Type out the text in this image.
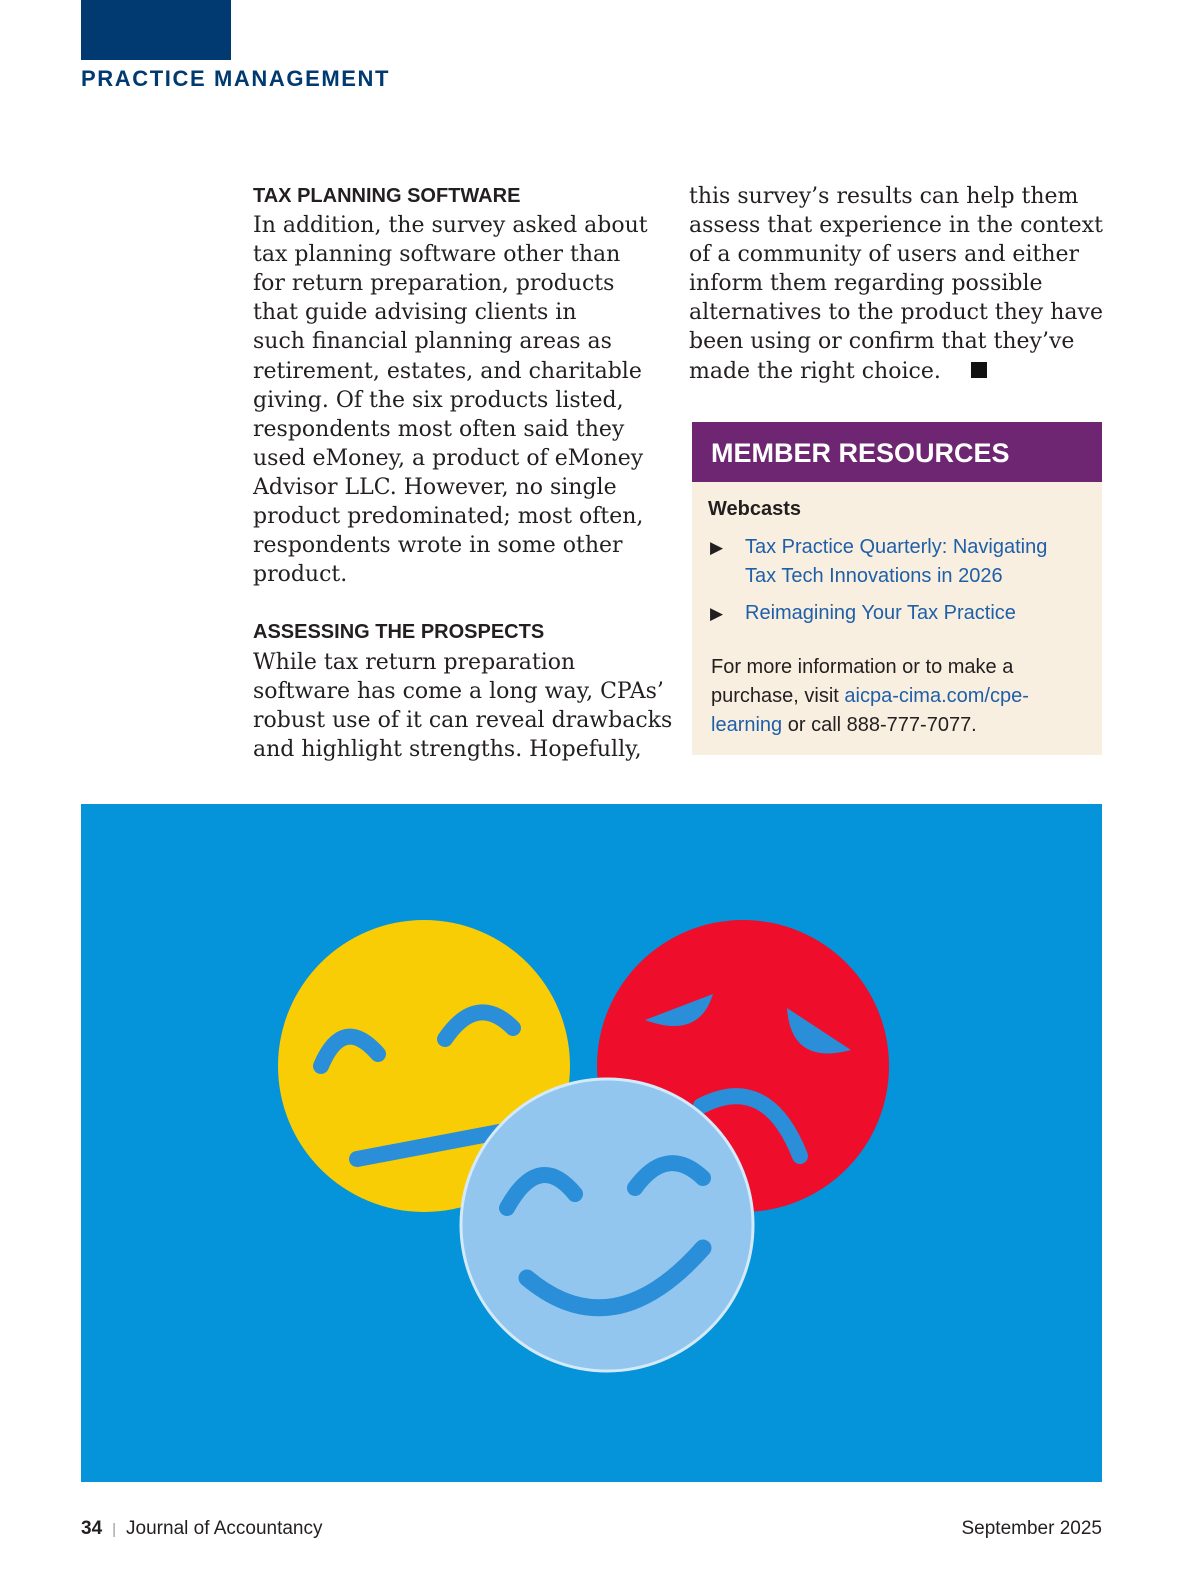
PRACTICE MANAGEMENT
TAX PLANNING SOFTWARE
In addition, the survey asked about
tax planning software other than
for return preparation, products
that guide advising clients in
such financial planning areas as
retirement, estates, and charitable
giving. Of the six products listed,
respondents most often said they
used eMoney, a product of eMoney
Advisor LLC. However, no single
product predominated; most often,
respondents wrote in some other
product.
ASSESSING THE PROSPECTS
While tax return preparation
software has come a long way, CPAs’
robust use of it can reveal drawbacks
and highlight strengths. Hopefully,
this survey’s results can help them
assess that experience in the context
of a community of users and either
inform them regarding possible
alternatives to the product they have
been using or confirm that they’ve
made the right choice.
MEMBER RESOURCES
Webcasts
▶ Tax Practice Quarterly: Navigating
Tax Tech Innovations in 2026
▶ Reimagining Your Tax Practice
For more information or to make a
purchase, visit aicpa-cima.com/cpe-
learning or call 888-777-7077.
34 | Journal of Accountancy	September 2025
